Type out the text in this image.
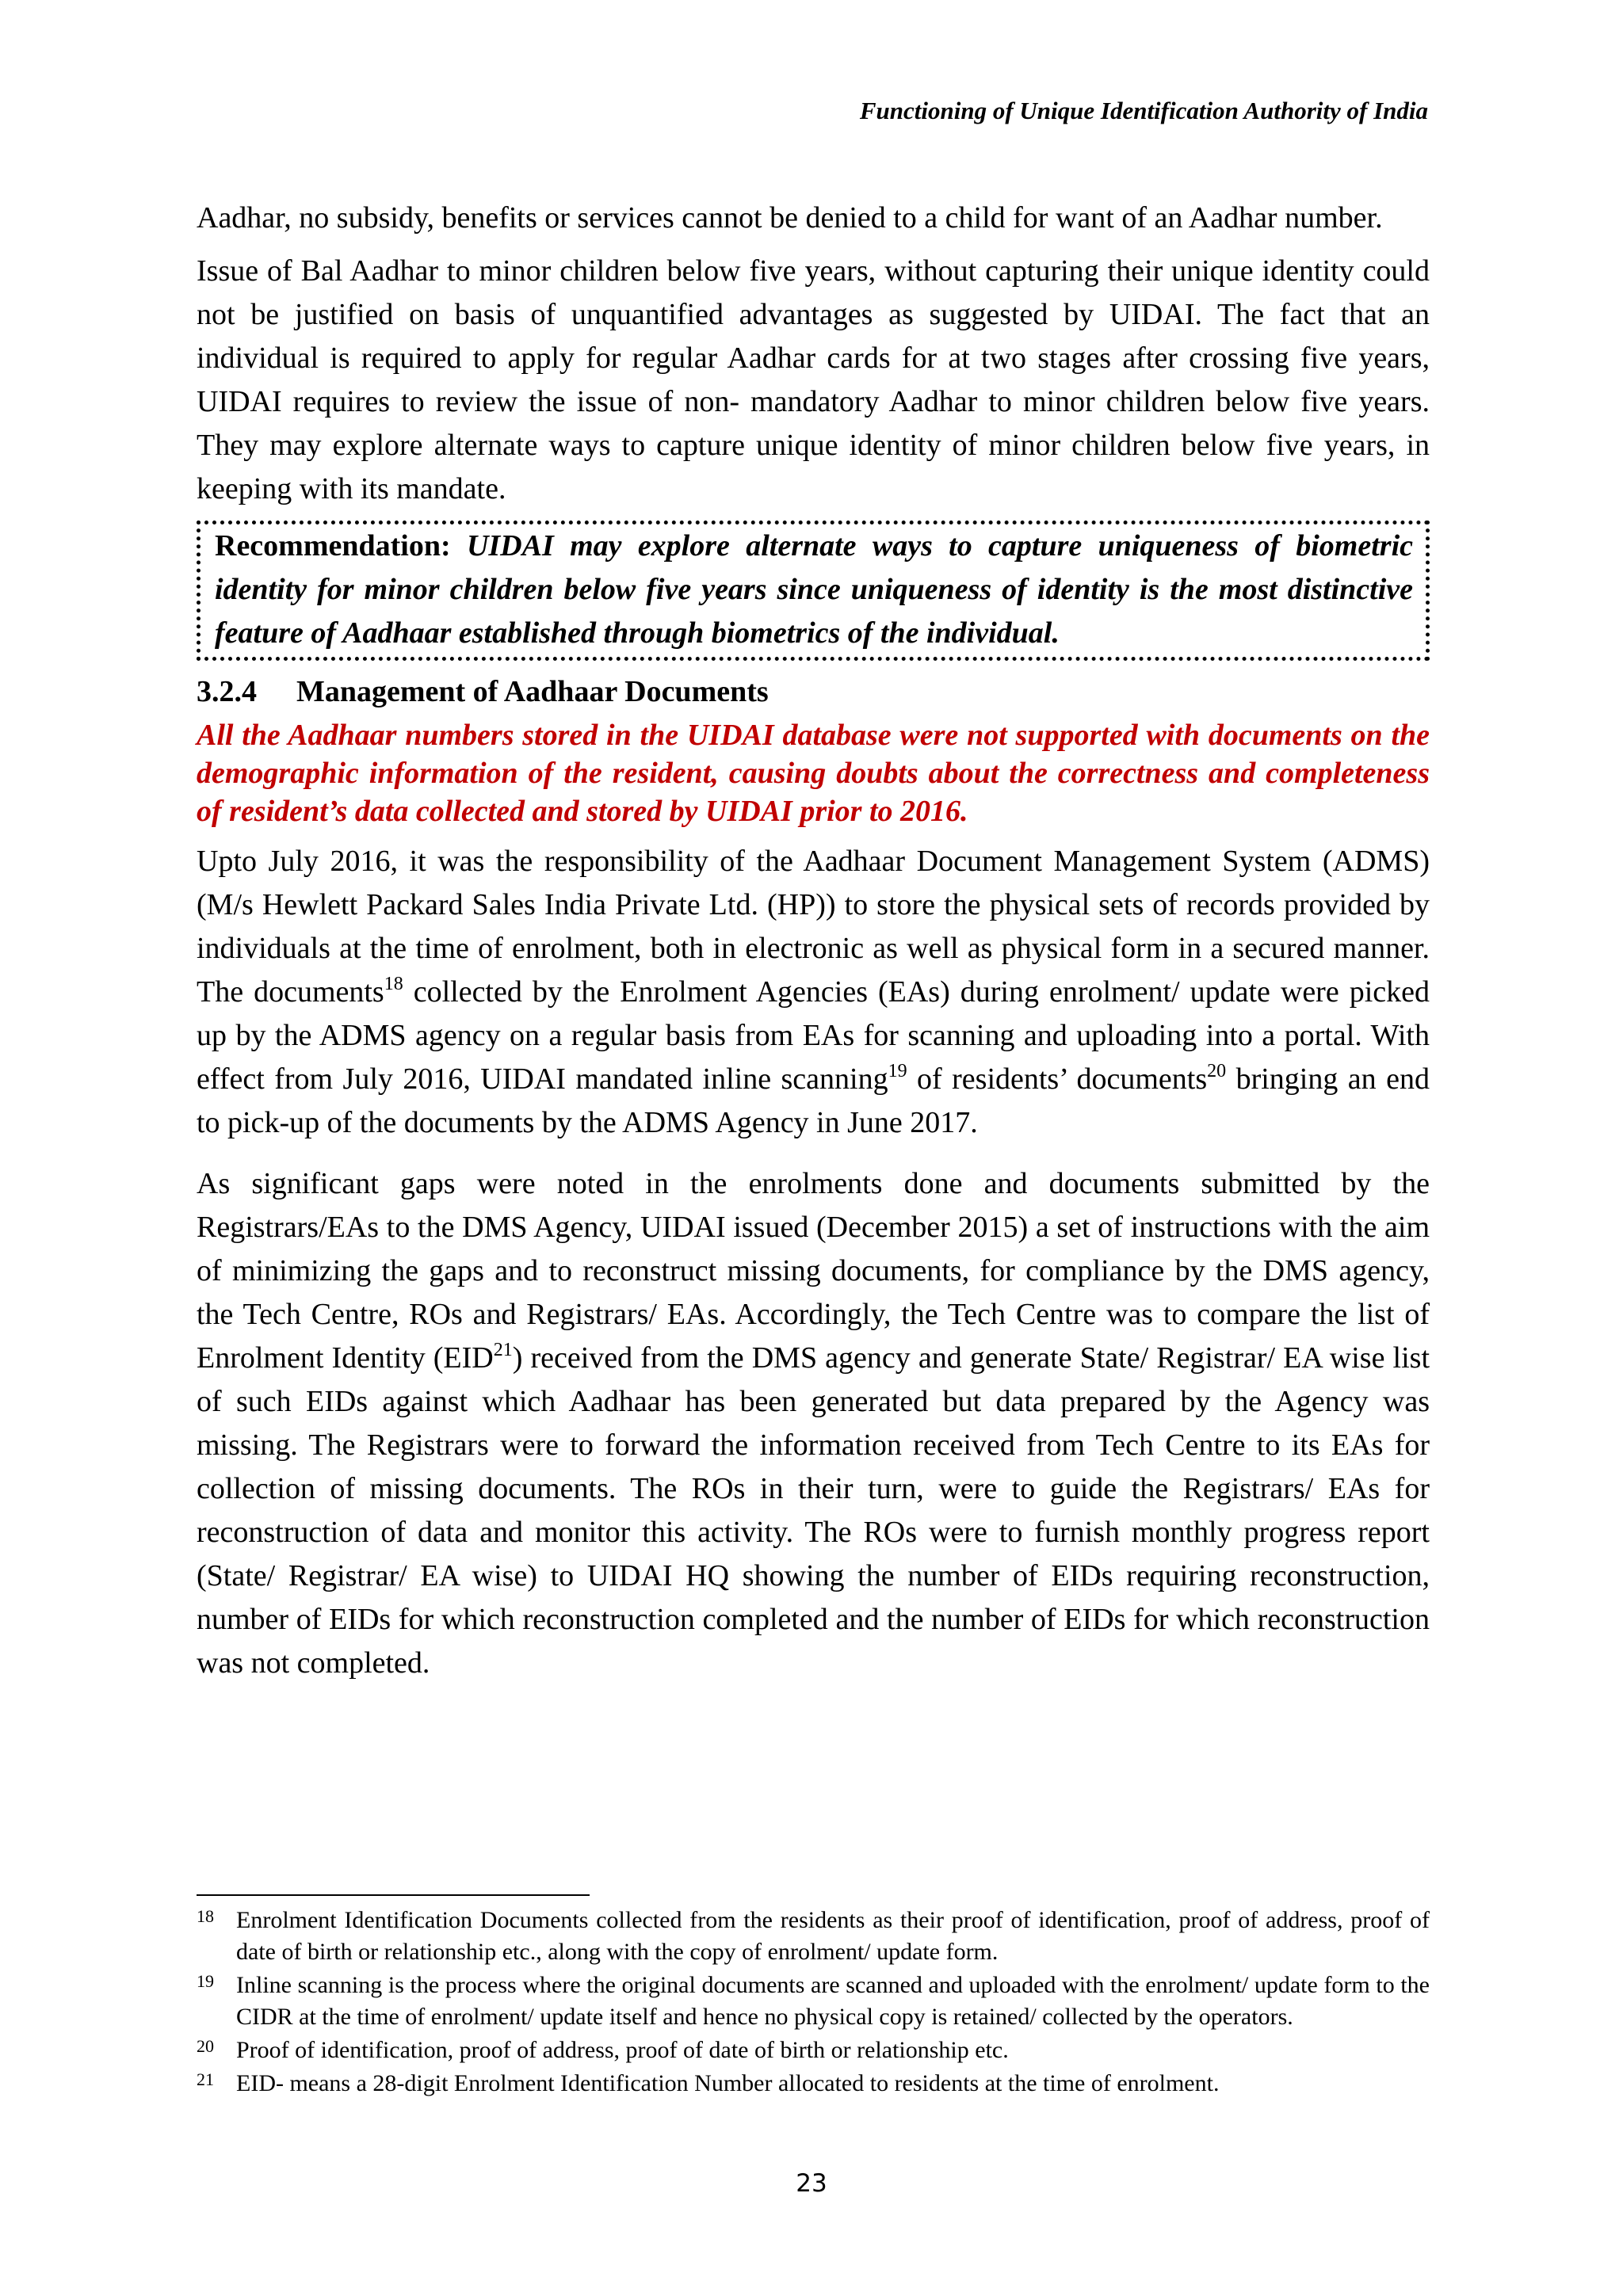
Functioning of Unique Identification Authority of India

Aadhar, no subsidy, benefits or services cannot be denied to a child for want of an Aadhar number.

Issue of Bal Aadhar to minor children below five years, without capturing their unique identity could not be justified on basis of unquantified advantages as suggested by UIDAI. The fact that an individual is required to apply for regular Aadhar cards for at two stages after crossing five years, UIDAI requires to review the issue of non- mandatory Aadhar to minor children below five years. They may explore alternate ways to capture unique identity of minor children below five years, in keeping with its mandate.

Recommendation: UIDAI may explore alternate ways to capture uniqueness of biometric identity for minor children below five years since uniqueness of identity is the most distinctive feature of Aadhaar established through biometrics of the individual.

3.2.4 Management of Aadhaar Documents

All the Aadhaar numbers stored in the UIDAI database were not supported with documents on the demographic information of the resident, causing doubts about the correctness and completeness of resident’s data collected and stored by UIDAI prior to 2016.

Upto July 2016, it was the responsibility of the Aadhaar Document Management System (ADMS) (M/s Hewlett Packard Sales India Private Ltd. (HP)) to store the physical sets of records provided by individuals at the time of enrolment, both in electronic as well as physical form in a secured manner. The documents$^{18}$ collected by the Enrolment Agencies (EAs) during enrolment/ update were picked up by the ADMS agency on a regular basis from EAs for scanning and uploading into a portal. With effect from July 2016, UIDAI mandated inline scanning$^{19}$ of residents’ documents$^{20}$ bringing an end to pick-up of the documents by the ADMS Agency in June 2017.

As significant gaps were noted in the enrolments done and documents submitted by the Registrars/EAs to the DMS Agency, UIDAI issued (December 2015) a set of instructions with the aim of minimizing the gaps and to reconstruct missing documents, for compliance by the DMS agency, the Tech Centre, ROs and Registrars/ EAs. Accordingly, the Tech Centre was to compare the list of Enrolment Identity (EID$^{21}$) received from the DMS agency and generate State/ Registrar/ EA wise list of such EIDs against which Aadhaar has been generated but data prepared by the Agency was missing. The Registrars were to forward the information received from Tech Centre to its EAs for collection of missing documents. The ROs in their turn, were to guide the Registrars/ EAs for reconstruction of data and monitor this activity. The ROs were to furnish monthly progress report (State/ Registrar/ EA wise) to UIDAI HQ showing the number of EIDs requiring reconstruction, number of EIDs for which reconstruction completed and the number of EIDs for which reconstruction was not completed.

18 Enrolment Identification Documents collected from the residents as their proof of identification, proof of address, proof of date of birth or relationship etc., along with the copy of enrolment/ update form.
19 Inline scanning is the process where the original documents are scanned and uploaded with the enrolment/ update form to the CIDR at the time of enrolment/ update itself and hence no physical copy is retained/ collected by the operators.
20 Proof of identification, proof of address, proof of date of birth or relationship etc.
21 EID- means a 28-digit Enrolment Identification Number allocated to residents at the time of enrolment.
23
